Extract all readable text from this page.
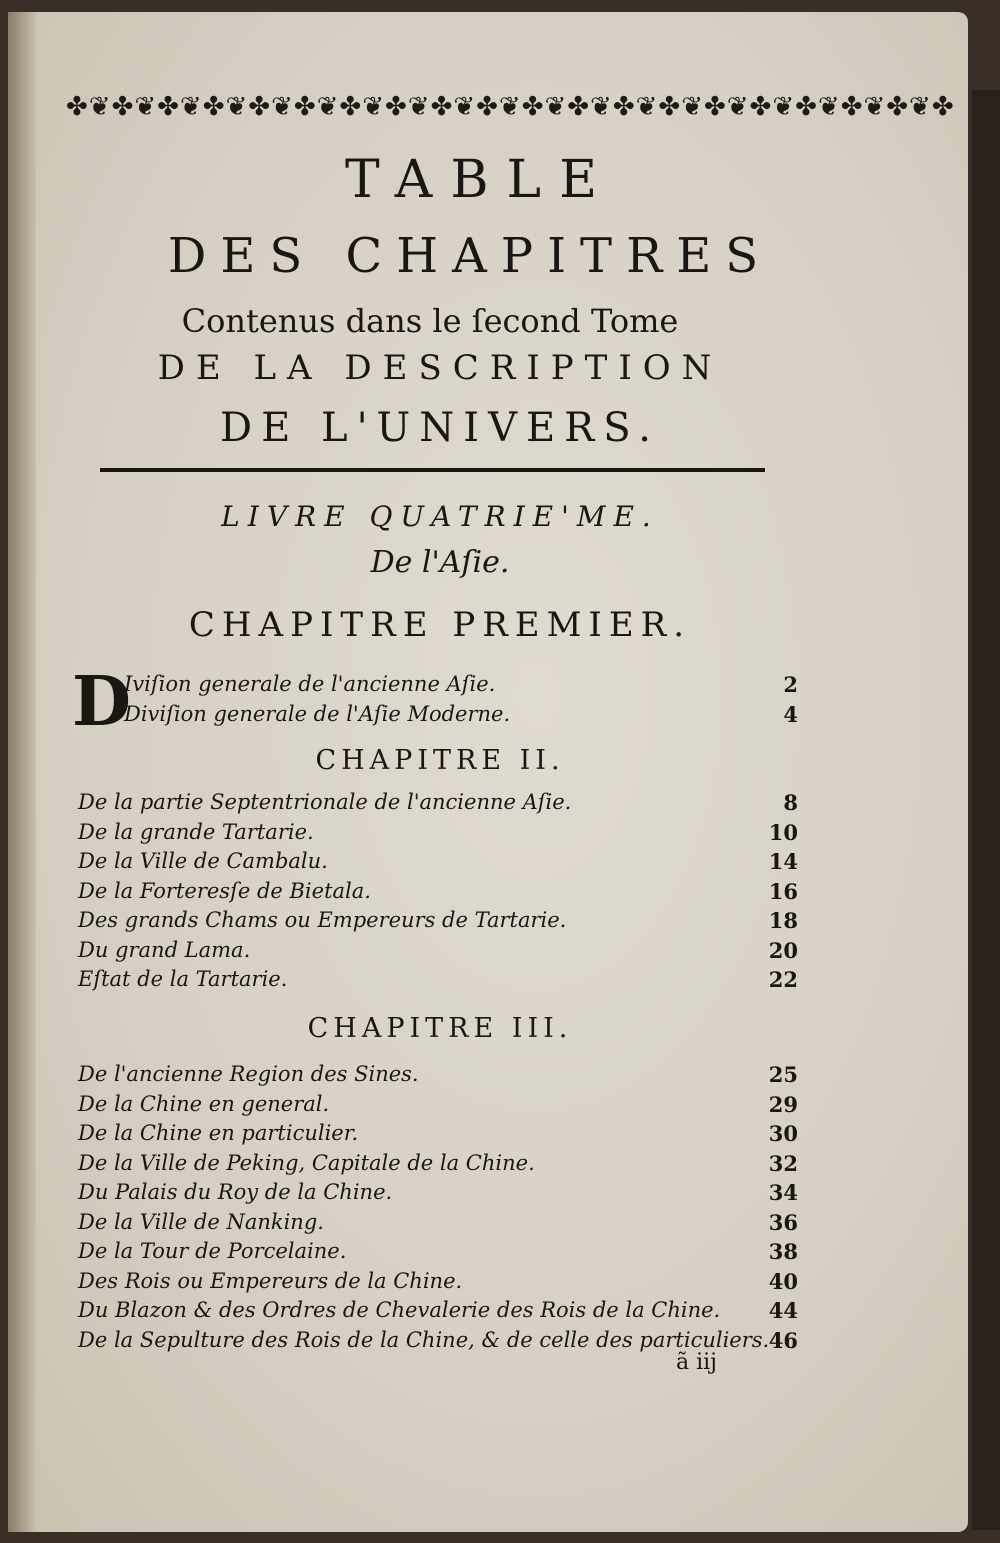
✤❦✤❦✤❦✤❦✤❦✤❦✤❦✤❦✤❦✤❦✤❦✤❦✤❦✤❦✤❦✤❦✤❦✤❦✤❦✤
TABLE
DES CHAPITRES
Contenus dans le ſecond Tome
DE LA DESCRIPTION
DE L'UNIVERS.
LIVRE QUATRIE'ME.
De l'Aſie.
CHAPITRE PREMIER.
D
Iviſion generale de l'ancienne Aſie.	2
Diviſion generale de l'Aſie Moderne.	4
CHAPITRE II.
De la partie Septentrionale de l'ancienne Aſie.	8
De la grande Tartarie.	10
De la Ville de Cambalu.	14
De la Forteresſe de Bietala.	16
Des grands Chams ou Empereurs de Tartarie.	18
Du grand Lama.	20
Eſtat de la Tartarie.	22
CHAPITRE III.
De l'ancienne Region des Sines.	25
De la Chine en general.	29
De la Chine en particulier.	30
De la Ville de Peking, Capitale de la Chine.	32
Du Palais du Roy de la Chine.	34
De la Ville de Nanking.	36
De la Tour de Porcelaine.	38
Des Rois ou Empereurs de la Chine.	40
Du Blazon & des Ordres de Chevalerie des Rois de la Chine. 44
De la Sepulture des Rois de la Chine, & de celle des particuliers. 46
ã iij
